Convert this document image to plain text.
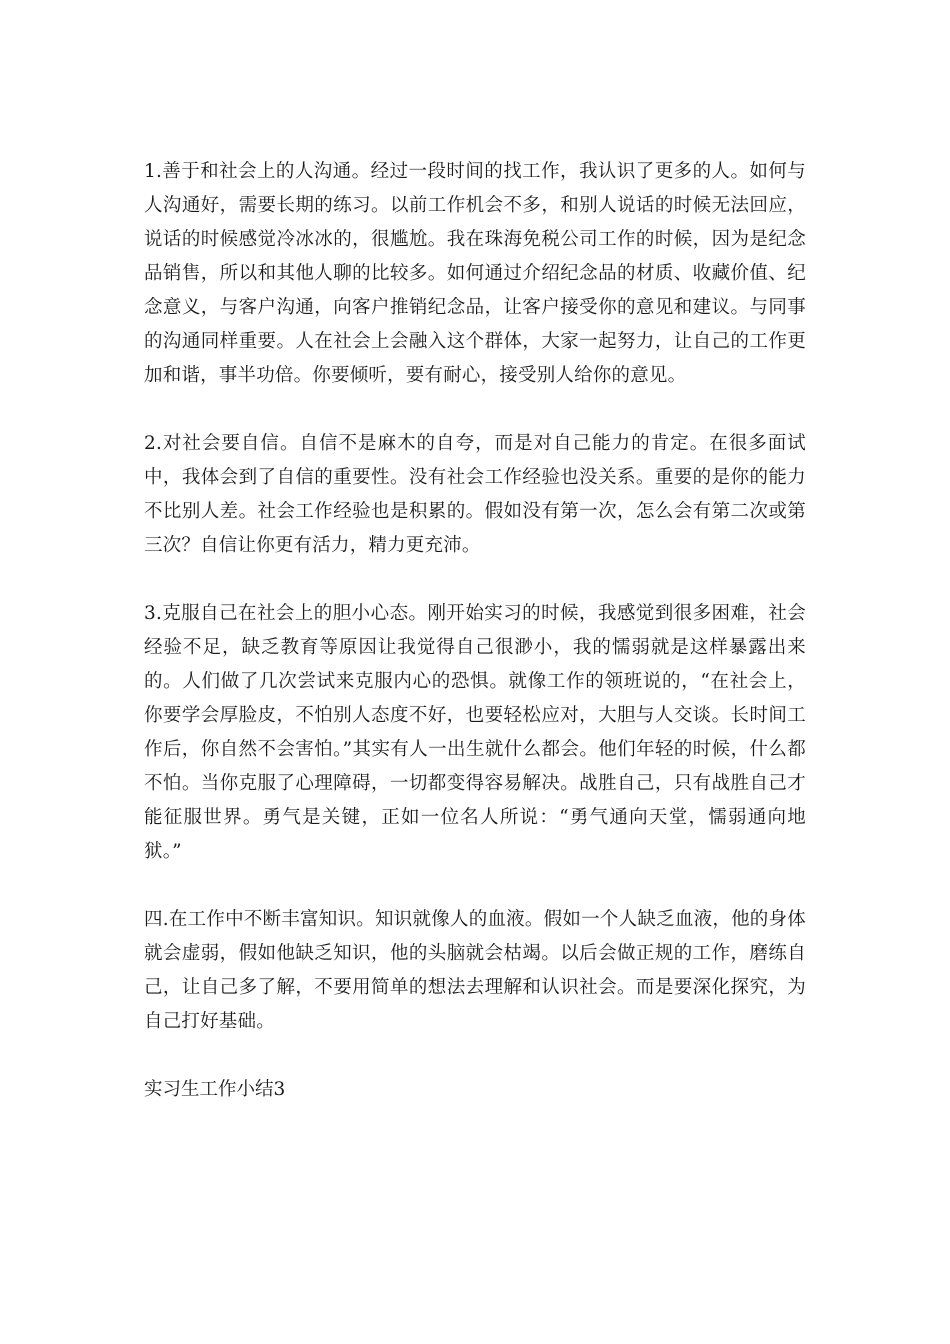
1.善于和社会上的人沟通。经过一段时间的找工作，我认识了更多的人。如何与人沟通好，需要长期的练习。以前工作机会不多，和别人说话的时候无法回应，说话的时候感觉冷冰冰的，很尴尬。我在珠海免税公司工作的时候，因为是纪念品销售，所以和其他人聊的比较多。如何通过介绍纪念品的材质、收藏价值、纪念意义，与客户沟通，向客户推销纪念品，让客户接受你的意见和建议。与同事的沟通同样重要。人在社会上会融入这个群体，大家一起努力，让自己的工作更加和谐，事半功倍。你要倾听，要有耐心，接受别人给你的意见。

2.对社会要自信。自信不是麻木的自夸，而是对自己能力的肯定。在很多面试中，我体会到了自信的重要性。没有社会工作经验也没关系。重要的是你的能力不比别人差。社会工作经验也是积累的。假如没有第一次，怎么会有第二次或第三次？自信让你更有活力，精力更充沛。

3.克服自己在社会上的胆小心态。刚开始实习的时候，我感觉到很多困难，社会经验不足，缺乏教育等原因让我觉得自己很渺小，我的懦弱就是这样暴露出来的。人们做了几次尝试来克服内心的恐惧。就像工作的领班说的，“在社会上，你要学会厚脸皮，不怕别人态度不好，也要轻松应对，大胆与人交谈。长时间工作后，你自然不会害怕。”其实有人一出生就什么都会。他们年轻的时候，什么都不怕。当你克服了心理障碍，一切都变得容易解决。战胜自己，只有战胜自己才能征服世界。勇气是关键，正如一位名人所说：“勇气通向天堂，懦弱通向地狱。”

四.在工作中不断丰富知识。知识就像人的血液。假如一个人缺乏血液，他的身体就会虚弱，假如他缺乏知识，他的头脑就会枯竭。以后会做正规的工作，磨练自己，让自己多了解，不要用简单的想法去理解和认识社会。而是要深化探究，为自己打好基础。

实习生工作小结3
